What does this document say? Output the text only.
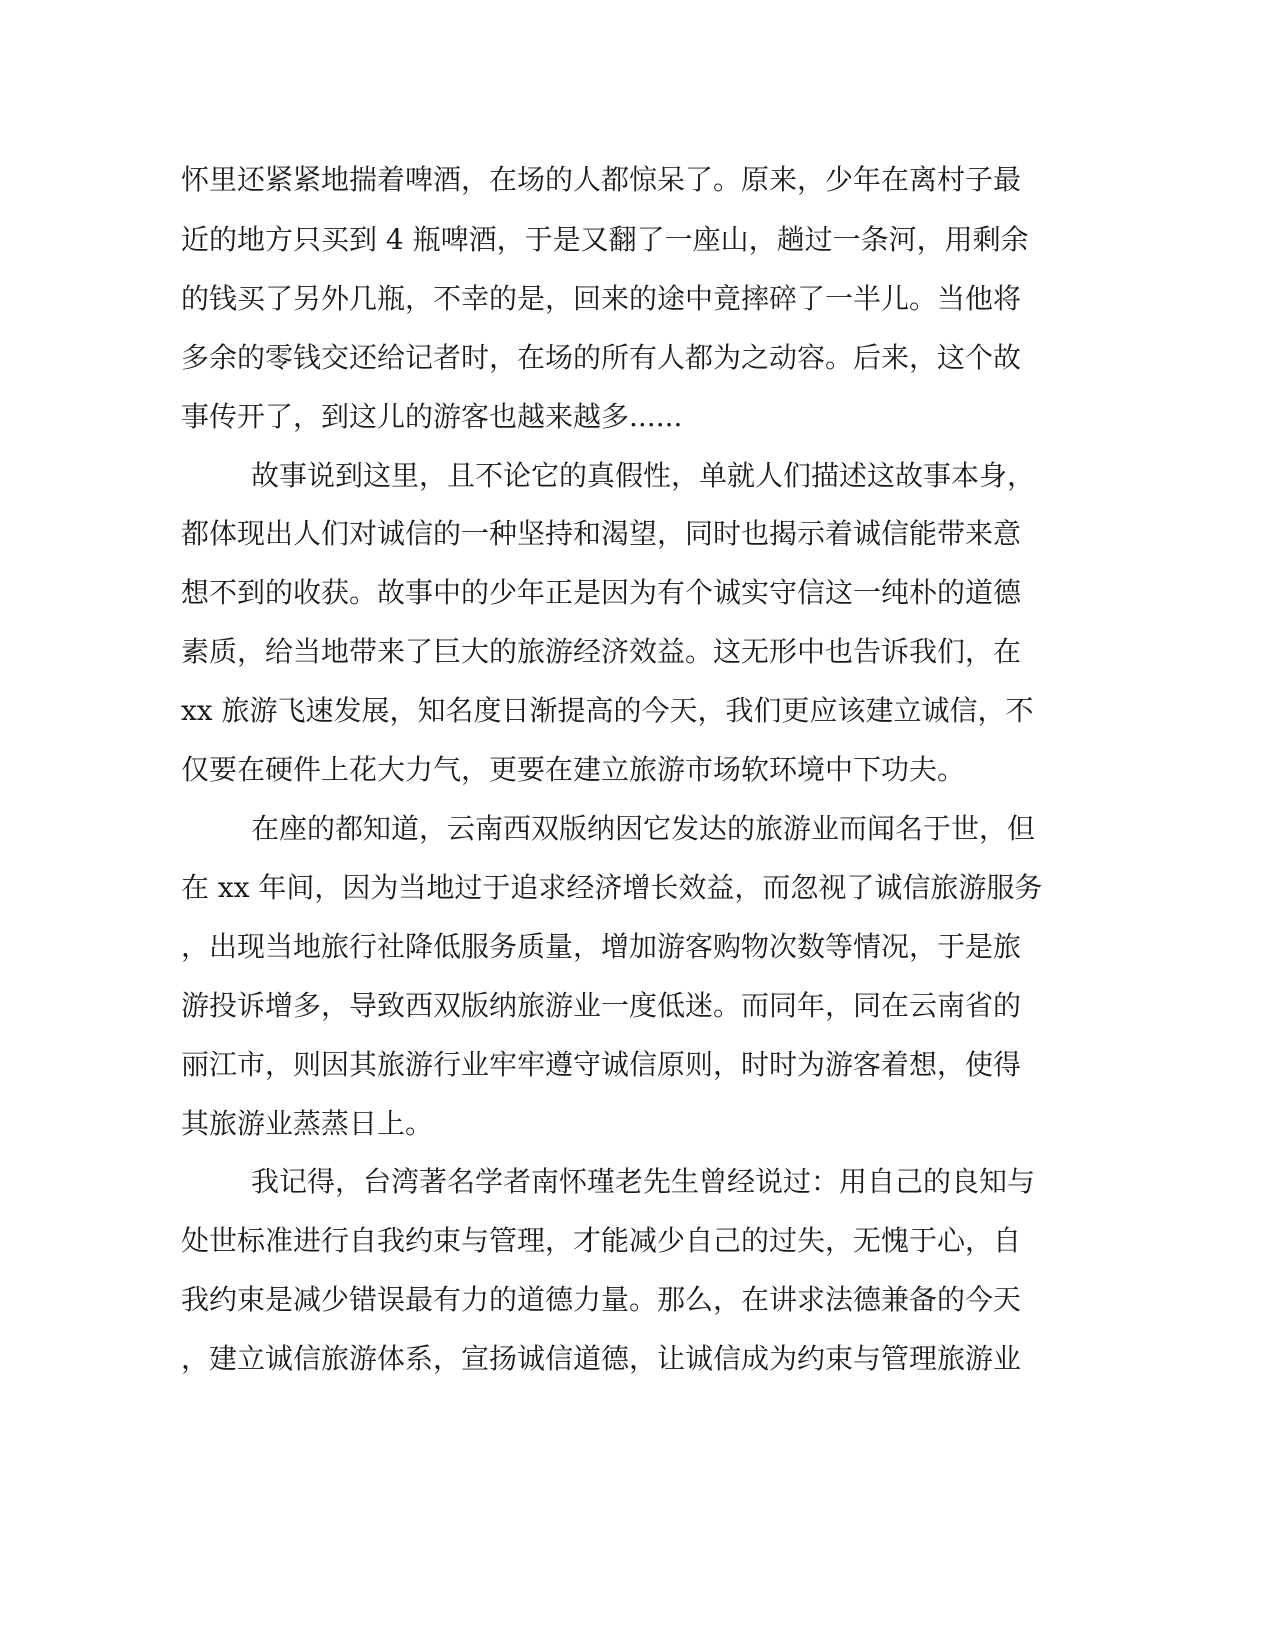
怀里还紧紧地揣着啤酒，在场的人都惊呆了。原来，少年在离村子最
近的地方只买到 4 瓶啤酒，于是又翻了一座山，趟过一条河，用剩余
的钱买了另外几瓶，不幸的是，回来的途中竟摔碎了一半儿。当他将
多余的零钱交还给记者时，在场的所有人都为之动容。后来，这个故
事传开了，到这儿的游客也越来越多......
故事说到这里，且不论它的真假性，单就人们描述这故事本身，
都体现出人们对诚信的一种坚持和渴望，同时也揭示着诚信能带来意
想不到的收获。故事中的少年正是因为有个诚实守信这一纯朴的道德
素质，给当地带来了巨大的旅游经济效益。这无形中也告诉我们，在
xx 旅游飞速发展，知名度日渐提高的今天，我们更应该建立诚信，不
仅要在硬件上花大力气，更要在建立旅游市场软环境中下功夫。
在座的都知道，云南西双版纳因它发达的旅游业而闻名于世，但
在 xx 年间，因为当地过于追求经济增长效益，而忽视了诚信旅游服务
，出现当地旅行社降低服务质量，增加游客购物次数等情况，于是旅
游投诉增多，导致西双版纳旅游业一度低迷。而同年，同在云南省的
丽江市，则因其旅游行业牢牢遵守诚信原则，时时为游客着想，使得
其旅游业蒸蒸日上。
我记得，台湾著名学者南怀瑾老先生曾经说过：用自己的良知与
处世标准进行自我约束与管理，才能减少自己的过失，无愧于心，自
我约束是减少错误最有力的道德力量。那么，在讲求法德兼备的今天
，建立诚信旅游体系，宣扬诚信道德，让诚信成为约束与管理旅游业
